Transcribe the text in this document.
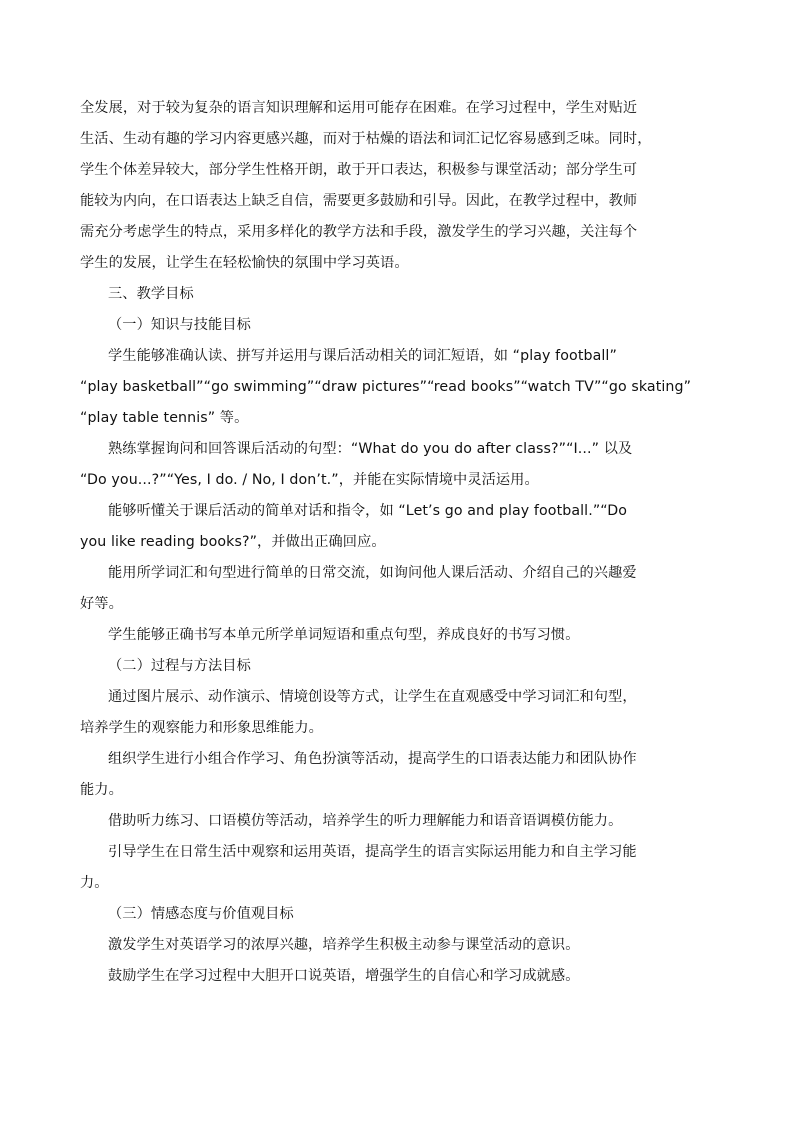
全发展，对于较为复杂的语言知识理解和运用可能存在困难。在学习过程中，学生对贴近
生活、生动有趣的学习内容更感兴趣，而对于枯燥的语法和词汇记忆容易感到乏味。同时，
学生个体差异较大，部分学生性格开朗，敢于开口表达，积极参与课堂活动；部分学生可
能较为内向，在口语表达上缺乏自信，需要更多鼓励和引导。因此，在教学过程中，教师
需充分考虑学生的特点，采用多样化的教学方法和手段，激发学生的学习兴趣，关注每个
学生的发展，让学生在轻松愉快的氛围中学习英语。
三、教学目标
（一）知识与技能目标
学生能够准确认读、拼写并运用与课后活动相关的词汇短语，如 “play football”
“play basketball”“go swimming”“draw pictures”“read books”“watch TV”“go skating”
“play table tennis” 等。
熟练掌握询问和回答课后活动的句型：“What do you do after class?”“I...” 以及
“Do you...?”“Yes, I do. / No, I don’t.”，并能在实际情境中灵活运用。
能够听懂关于课后活动的简单对话和指令，如 “Let’s go and play football.”“Do
you like reading books?”，并做出正确回应。
能用所学词汇和句型进行简单的日常交流，如询问他人课后活动、介绍自己的兴趣爱
好等。
学生能够正确书写本单元所学单词短语和重点句型，养成良好的书写习惯。
（二）过程与方法目标
通过图片展示、动作演示、情境创设等方式，让学生在直观感受中学习词汇和句型，
培养学生的观察能力和形象思维能力。
组织学生进行小组合作学习、角色扮演等活动，提高学生的口语表达能力和团队协作
能力。
借助听力练习、口语模仿等活动，培养学生的听力理解能力和语音语调模仿能力。
引导学生在日常生活中观察和运用英语，提高学生的语言实际运用能力和自主学习能
力。
（三）情感态度与价值观目标
激发学生对英语学习的浓厚兴趣，培养学生积极主动参与课堂活动的意识。
鼓励学生在学习过程中大胆开口说英语，增强学生的自信心和学习成就感。
